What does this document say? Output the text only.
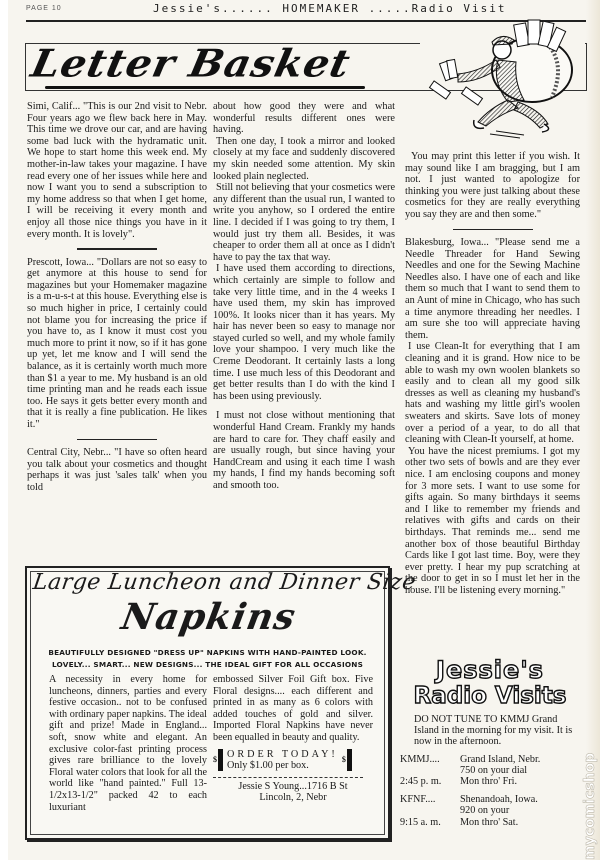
PAGE 10	Jessie's...... HOMEMAKER .....Radio Visit
Letter Basket

Simi, Calif... "This is our 2nd visit to Nebr. Four years ago we flew back here in May. This time we drove our car, and are having some bad luck with the hydramatic unit. We hope to start home this week end. My mother-in-law takes your magazine. I have read every one of her issues while here and now I want you to send a subscription to my home address so that when I get home, I will be receiving it every month and enjoy all those nice things you have in it every month. It is lovely".

Prescott, Iowa... "Dollars are not so easy to get anymore at this house to send for magazines but your Homemaker magazine is a m-u-s-t at this house. Everything else is so much higher in price, I certainly could not blame you for increasing the price if you have to, as I know it must cost you much more to print it now, so if it has gone up yet, let me know and I will send the balance, as it is certainly worth much more than $1 a year to me. My husband is an old time printing man and he reads each issue too. He says it gets better every month and that it is really a fine publication. He likes it."

Central City, Nebr... "I have so often heard you talk about your cosmetics and thought perhaps it was just 'sales talk' when you told

about how good they were and what wonderful results different ones were having.

Then one day, I took a mirror and looked closely at my face and suddenly discovered my skin needed some attention. My skin looked plain neglected.

Still not believing that your cosmetics were any different than the usual run, I wanted to write you anyhow, so I ordered the entire line. I decided if I was going to try them, I would just try them all. Besides, it was cheaper to order them all at once as I didn't have to pay the tax that way.

I have used them according to directions, which certainly are simple to follow and take very little time, and in the 4 weeks I have used them, my skin has improved 100%. It looks nicer than it has years. My hair has never been so easy to manage nor stayed curled so well, and my whole family love your shampoo. I very much like the Creme Deodorant. It certainly lasts a long time. I use much less of this Deodorant and get better results than I do with the kind I has been using previously.

I must not close without mentioning that wonderful Hand Cream. Frankly my hands are hard to care for. They chaff easily and are usually rough, but since having your HandCream and using it each time I wash my hands, I find my hands becoming soft and smooth too.

You may print this letter if you wish. It may sound like I am bragging, but I am not. I just wanted to apologize for thinking you were just talking about these cosmetics for they are really everything you say they are and then some."

Blakesburg, Iowa... "Please send me a Needle Threader for Hand Sewing Needles and one for the Sewing Machine Needles also. I have one of each and like them so much that I want to send them to an Aunt of mine in Chicago, who has such a time anymore threading her needles. I am sure she too will appreciate having them.

I use Clean-It for everything that I am cleaning and it is grand. How nice to be able to wash my own woolen blankets so easily and to clean all my good silk dresses as well as cleaning my husband's hats and washing my little girl's woolen sweaters and skirts. Save lots of money over a period of a year, to do all that cleaning with Clean-It yourself, at home.

You have the nicest premiums. I got my other two sets of bowls and are they ever nice. I am enclosing coupons and money for 3 more sets. I want to use some for gifts again. So many birthdays it seems and I like to remember my friends and relatives with gifts and cards on their birthdays. That reminds me... send me another box of those beautiful Birthday Cards like I got last time. Boy, were they ever pretty. I hear my pup scratching at the door to get in so I must let her in the house. I'll be listening every morning."

Large Luncheon and Dinner Size
Napkins
BEAUTIFULLY DESIGNED "DRESS UP" NAPKINS WITH HAND-PAINTED LOOK.
LOVELY... SMART... NEW DESIGNS... THE IDEAL GIFT FOR ALL OCCASIONS
A necessity in every home for luncheons, dinners, parties and every festive occasion.. not to be confused with ordinary paper napkins. The ideal gift and prize! Made in England... soft, snow white and elegant. An exclusive color-fast printing process gives rare brilliance to the lovely Floral water colors that look for all the world like "hand painted." Full 13-1/2x13-1/2" packed 42 to each luxuriant
embossed Silver Foil Gift box. Five Floral designs.... each different and printed in as many as 6 colors with added touches of gold and silver. Imported Floral Napkins have never been equalled in beauty and quality.
$
ORDER TODAY!
Only $1.00 per box.
$
Jessie S Young...1716 B St
Lincoln, 2, Nebr
Jessie's
Radio Visits
DO NOT TUNE TO KMMJ Grand Island in the morning for my visit. It is now in the afternoon.
KMMJ....	Grand Island, Nebr.
750 on your dial
2:45 p. m.	Mon thro' Fri.
KFNF....	Shenandoah, Iowa.
920 on your
9:15 a. m.	Mon thro' Sat.	mycomicshop
